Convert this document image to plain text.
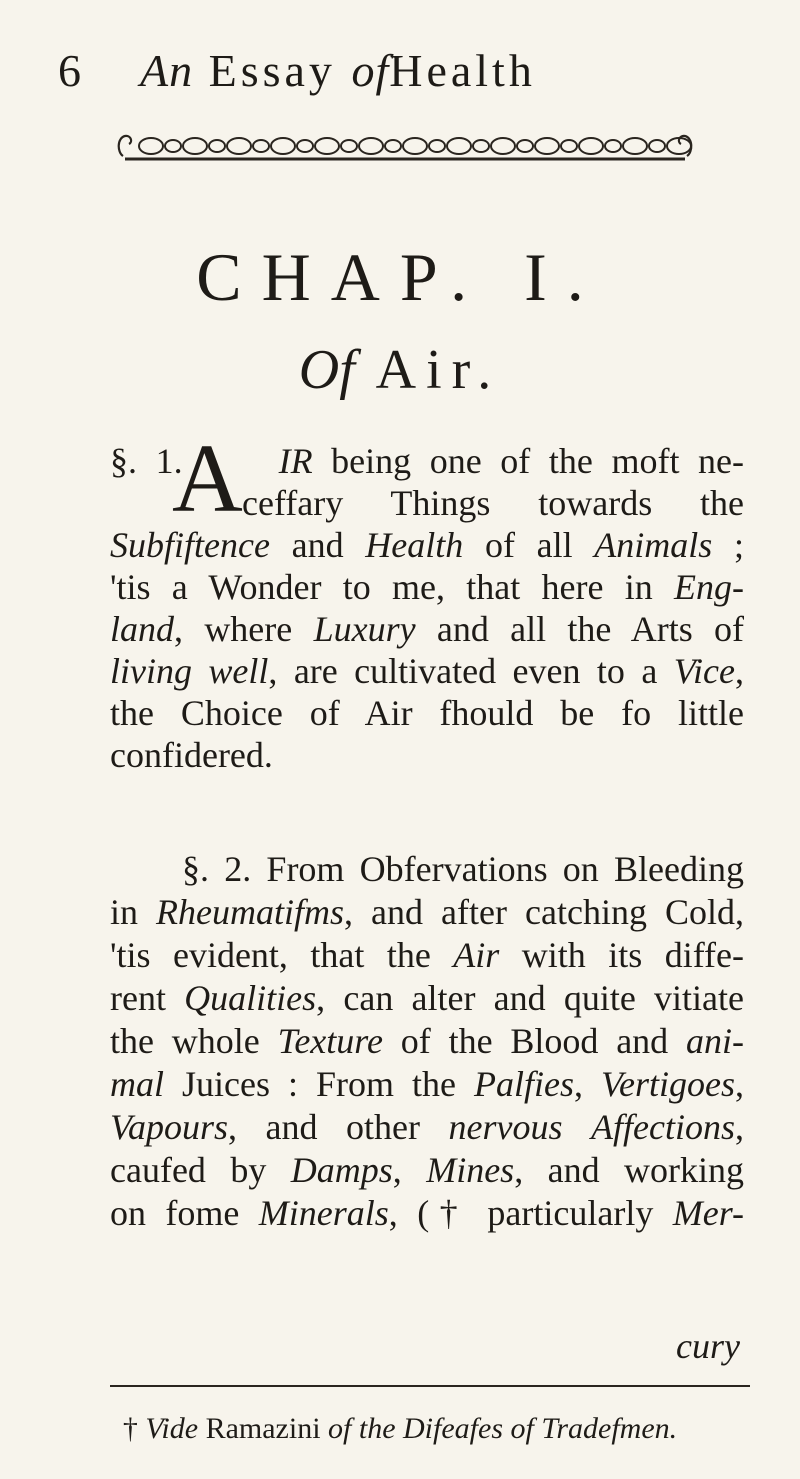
6 An Essay ofHealth
CHAP. I.
Of Air.
A
§. 1.	IR being one of the moft ne-
ceffary Things towards the
Subfiftence and Health of all Animals ;
'tis a Wonder to me, that here in Eng-
land, where Luxury and all the Arts of
living well, are cultivated even to a Vice,
the Choice of Air fhould be fo little
confidered.
§. 2. From Obfervations on Bleeding
in Rheumatifms, and after catching Cold,
'tis evident, that the Air with its diffe-
rent Qualities, can alter and quite vitiate
the whole Texture of the Blood and ani-
mal Juices : From the Palfies, Vertigoes,
Vapours, and other nervous Affections,
caufed by Damps, Mines, and working
on fome Minerals, († particularly Mer-
cury
† Vide Ramazini of the Difeafes of Tradefmen.
